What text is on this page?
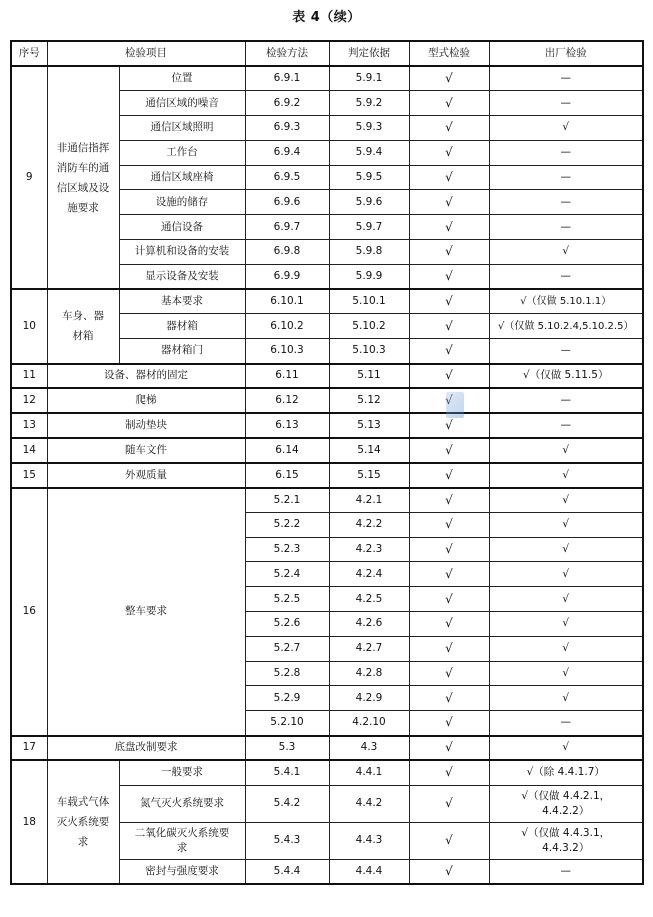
表 4（续）
序号	检验项目		检验方法	判定依据	型式检验	出厂检验
9	非通信指挥消防车的通信区域及设施要求	位置	6.9.1	5.9.1	√	—
		通信区域的噪音	6.9.2	5.9.2	√	—
		通信区域照明	6.9.3	5.9.3	√	√
		工作台	6.9.4	5.9.4	√	—
		通信区域座椅	6.9.5	5.9.5	√	—
		设施的储存	6.9.6	5.9.6	√	—
		通信设备	6.9.7	5.9.7	√	—
		计算机和设备的安装	6.9.8	5.9.8	√	√
		显示设备及安装	6.9.9	5.9.9	√	—
10	车身、器材箱	基本要求	6.10.1	5.10.1	√	√（仅做 5.10.1.1）
		器材箱	6.10.2	5.10.2	√	√（仅做 5.10.2.4,5.10.2.5）
		器材箱门	6.10.3	5.10.3	√	—
11	设备、器材的固定		6.11	5.11	√	√（仅做 5.11.5）
12	爬梯		6.12	5.12	√	—
13	制动垫块		6.13	5.13	√	—
14	随车文件		6.14	5.14	√	√
15	外观质量		6.15	5.15	√	√
16	整车要求		5.2.1	4.2.1	√	√
			5.2.2	4.2.2	√	√
			5.2.3	4.2.3	√	√
			5.2.4	4.2.4	√	√
			5.2.5	4.2.5	√	√
			5.2.6	4.2.6	√	√
			5.2.7	4.2.7	√	√
			5.2.8	4.2.8	√	√
			5.2.9	4.2.9	√	√
			5.2.10	4.2.10	√	—
17	底盘改制要求		5.3	4.3	√	√
18	车载式气体灭火系统要求	一般要求	5.4.1	4.4.1	√	√（除 4.4.1.7）
		氮气灭火系统要求	5.4.2	4.4.2	√	√（仅做 4.4.2.1，4.4.2.2）
		二氧化碳灭火系统要求	5.4.3	4.4.3	√	√（仅做 4.4.3.1，4.4.3.2）
		密封与强度要求	5.4.4	4.4.4	√	—
